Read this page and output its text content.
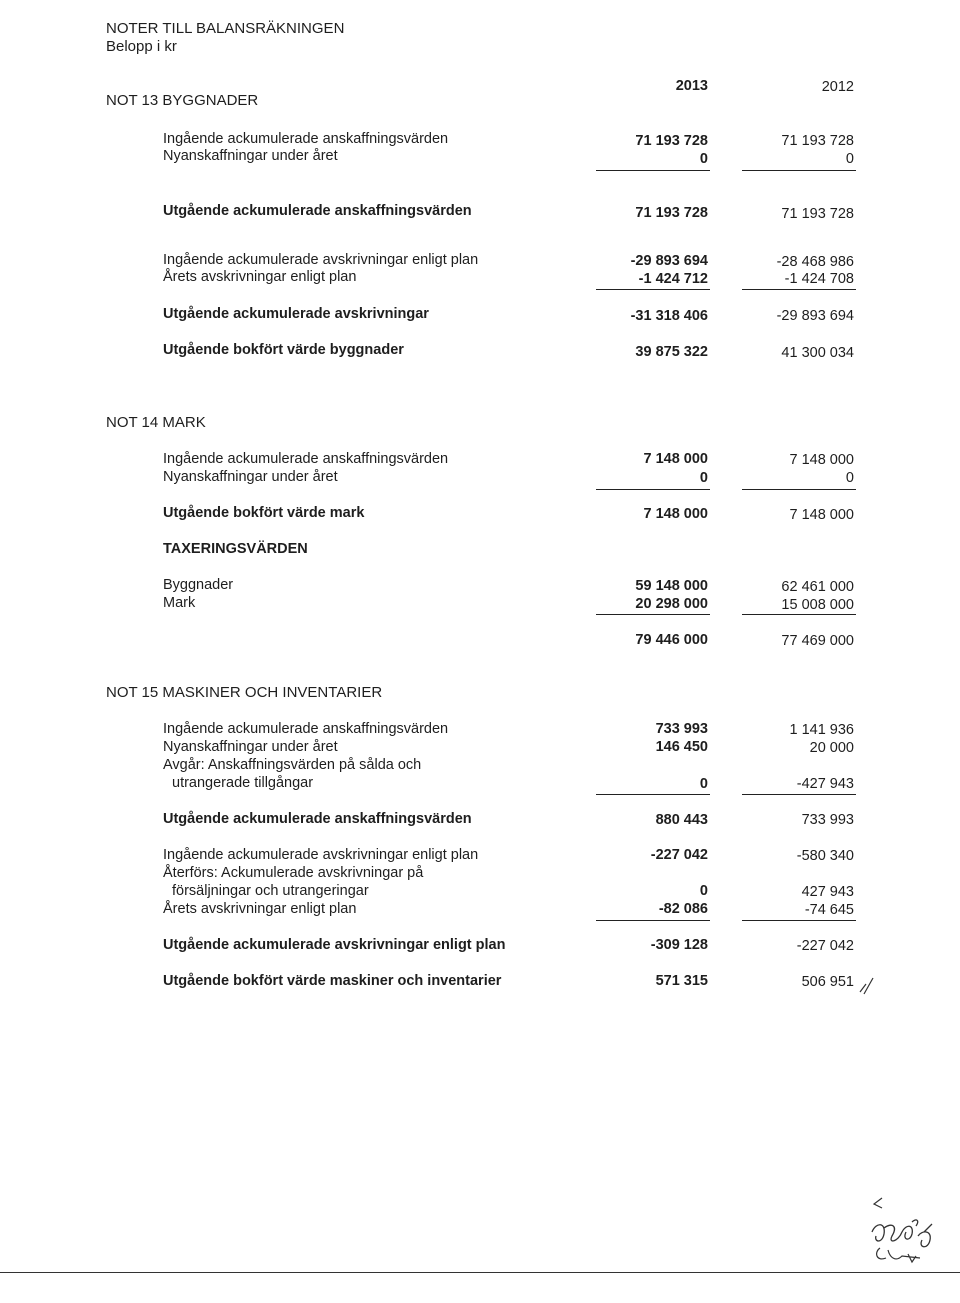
NOTER TILL BALANSRÄKNINGEN
Belopp i kr
2013	2012
NOT 13 BYGGNADER
Ingående ackumulerade anskaffningsvärden	71 193 728	71 193 728
Nyanskaffningar under året	0	0
Utgående ackumulerade anskaffningsvärden	71 193 728	71 193 728
Ingående ackumulerade avskrivningar enligt plan	-29 893 694	-28 468 986
Årets avskrivningar enligt plan	-1 424 712	-1 424 708
Utgående ackumulerade avskrivningar	-31 318 406	-29 893 694
Utgående bokfört värde byggnader	39 875 322	41 300 034
NOT 14 MARK
Ingående ackumulerade anskaffningsvärden	7 148 000	7 148 000
Nyanskaffningar under året	0	0
Utgående bokfört värde mark	7 148 000	7 148 000
TAXERINGSVÄRDEN
Byggnader	59 148 000	62 461 000
Mark	20 298 000	15 008 000
79 446 000	77 469 000
NOT 15 MASKINER OCH INVENTARIER
Ingående ackumulerade anskaffningsvärden	733 993	1 141 936
Nyanskaffningar under året	146 450	20 000
Avgår: Anskaffningsvärden på sålda och
utrangerade tillgångar	0	-427 943
Utgående ackumulerade anskaffningsvärden	880 443	733 993
Ingående ackumulerade avskrivningar enligt plan	-227 042	-580 340
Återförs: Ackumulerade avskrivningar på
försäljningar och utrangeringar	0	427 943
Årets avskrivningar enligt plan	-82 086	-74 645
Utgående ackumulerade avskrivningar enligt plan	-309 128	-227 042
Utgående bokfört värde maskiner och inventarier	571 315	506 951
